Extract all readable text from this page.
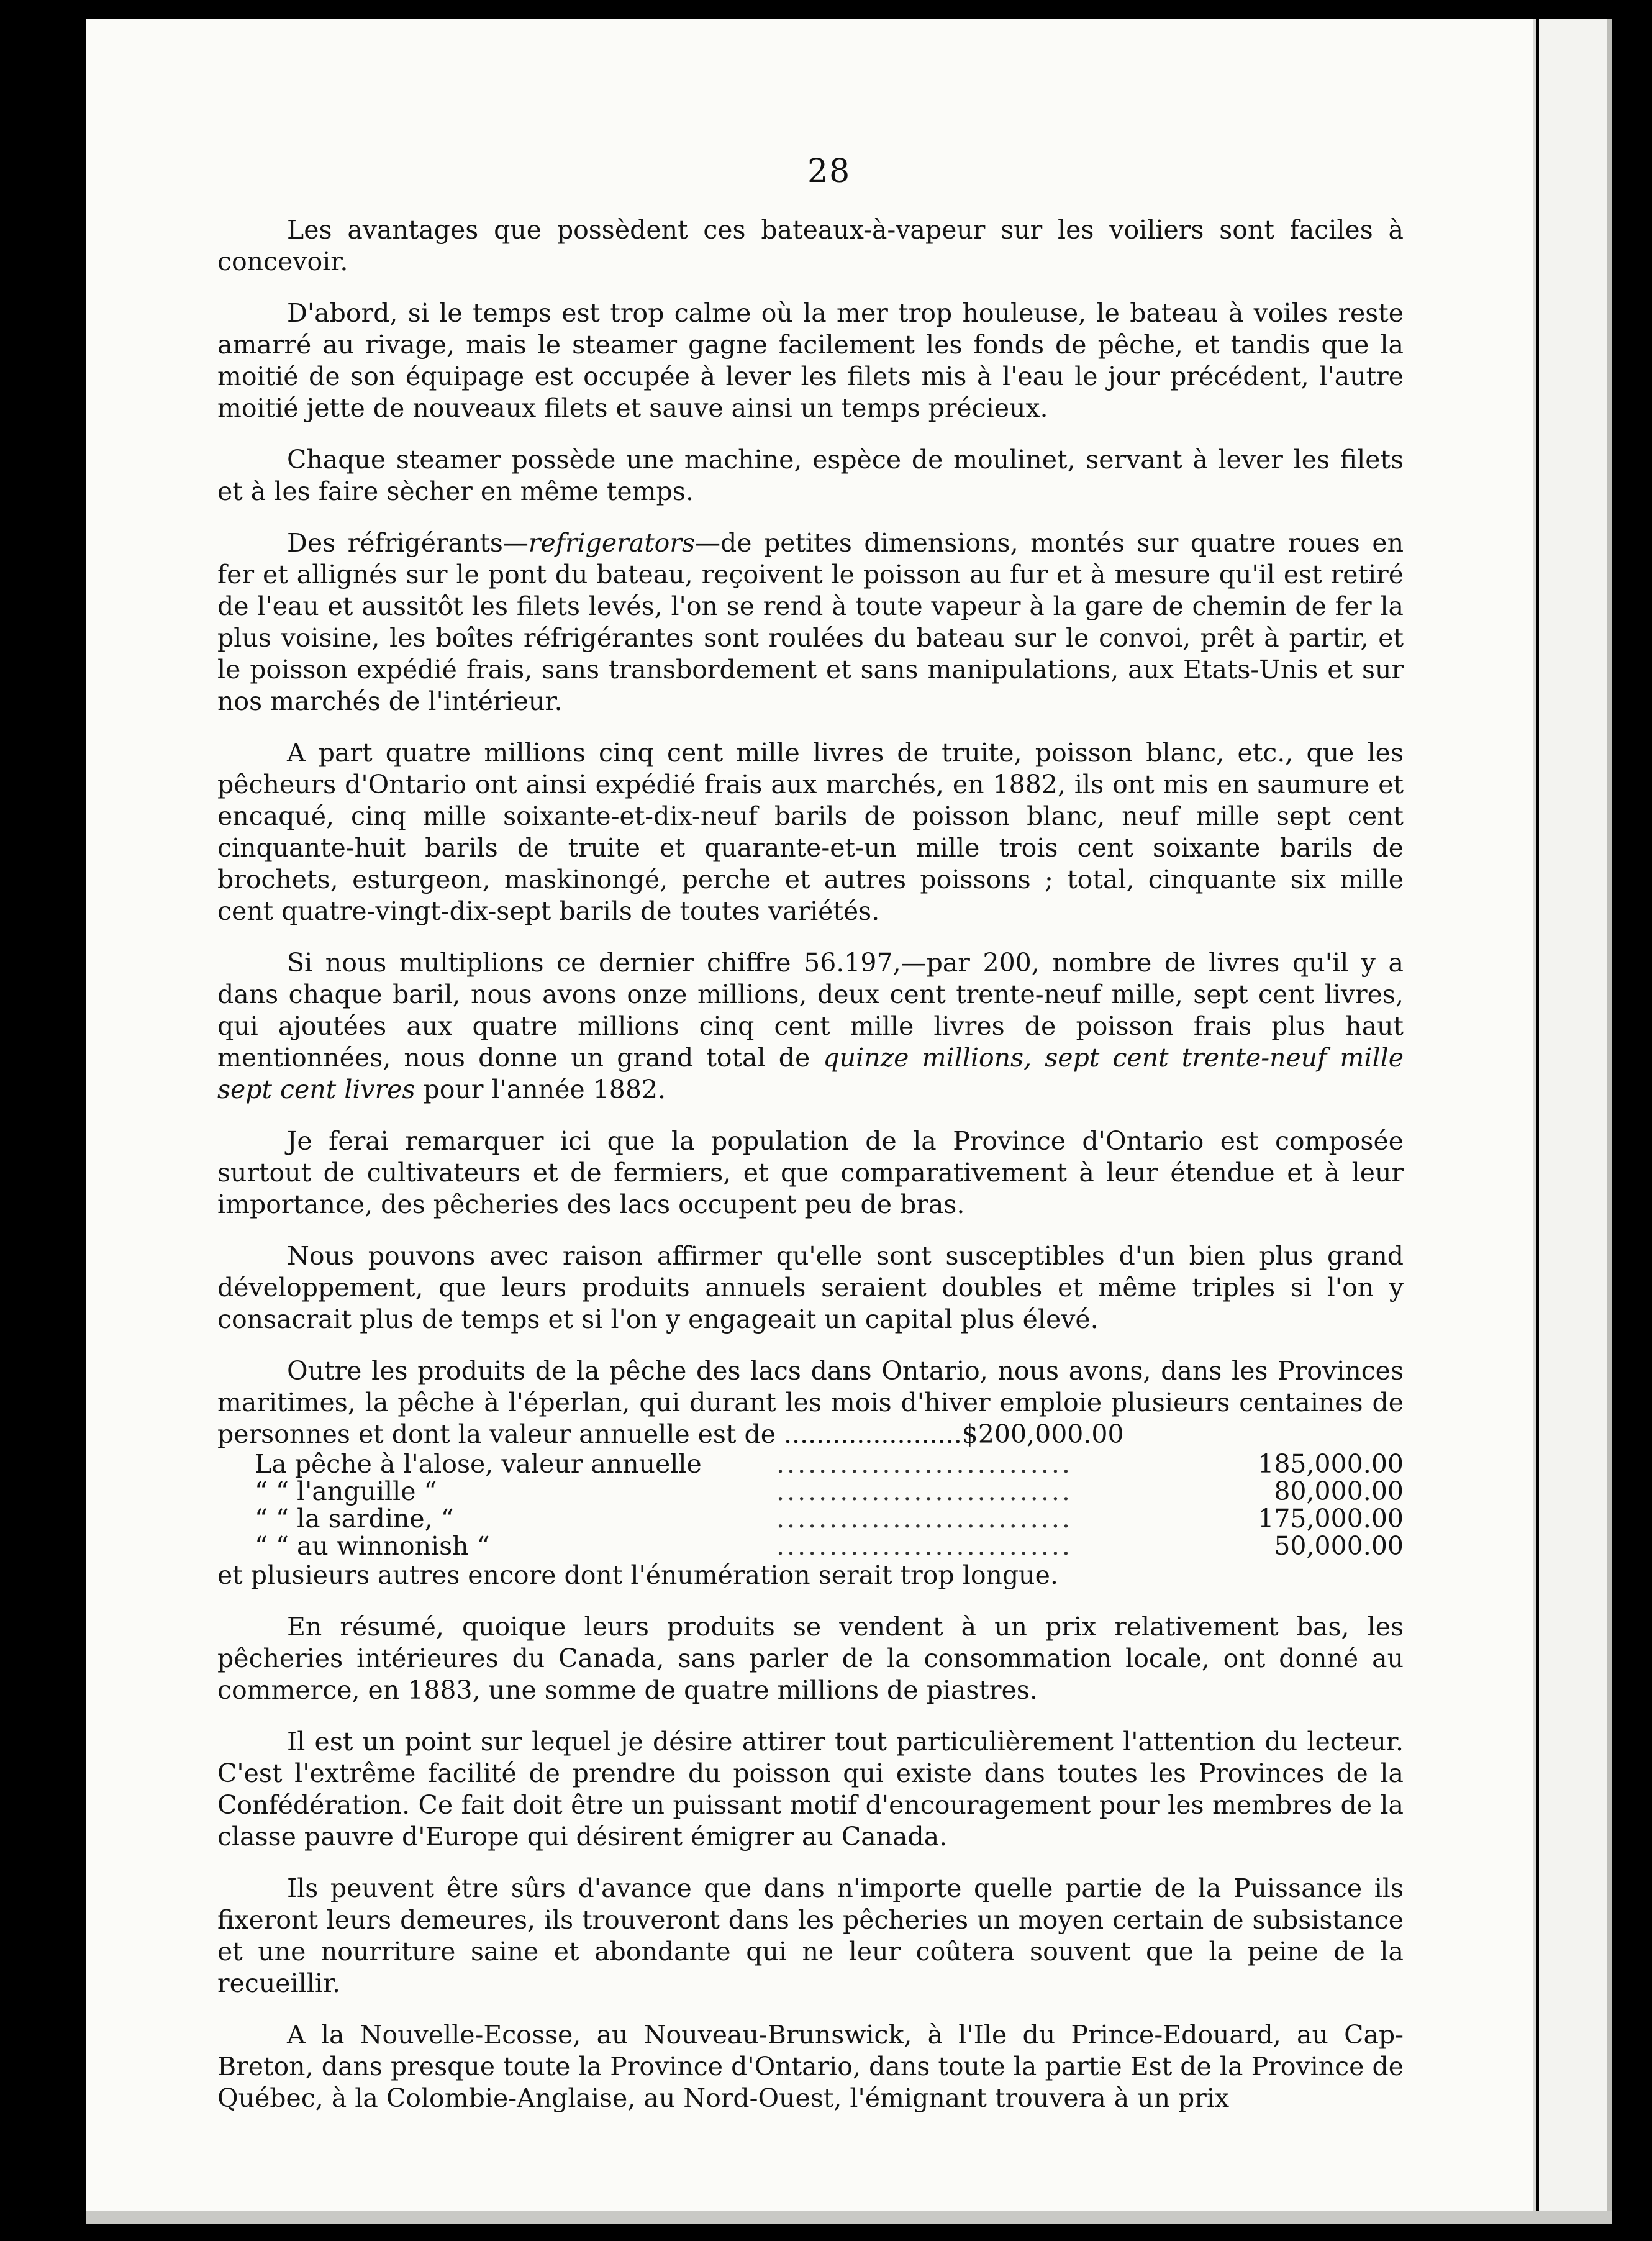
28

Les avantages que possèdent ces bateaux-à-vapeur sur les voiliers sont faciles à concevoir.

D'abord, si le temps est trop calme où la mer trop houleuse, le bateau à voiles reste amarré au rivage, mais le steamer gagne facilement les fonds de pêche, et tandis que la moitié de son équipage est occupée à lever les filets mis à l'eau le jour précédent, l'autre moitié jette de nouveaux filets et sauve ainsi un temps précieux.

Chaque steamer possède une machine, espèce de moulinet, servant à lever les filets et à les faire sècher en même temps.

Des réfrigérants—refrigerators—de petites dimensions, montés sur quatre roues en fer et allignés sur le pont du bateau, reçoivent le poisson au fur et à mesure qu'il est retiré de l'eau et aussitôt les filets levés, l'on se rend à toute vapeur à la gare de chemin de fer la plus voisine, les boîtes réfrigérantes sont roulées du bateau sur le convoi, prêt à partir, et le poisson expédié frais, sans transbordement et sans manipulations, aux Etats-Unis et sur nos marchés de l'intérieur.

A part quatre millions cinq cent mille livres de truite, poisson blanc, etc., que les pêcheurs d'Ontario ont ainsi expédié frais aux marchés, en 1882, ils ont mis en saumure et encaqué, cinq mille soixante-et-dix-neuf barils de poisson blanc, neuf mille sept cent cinquante-huit barils de truite et quarante-et-un mille trois cent soixante barils de brochets, esturgeon, maskinongé, perche et autres poissons ; total, cinquante six mille cent quatre-vingt-dix-sept barils de toutes variétés.

Si nous multiplions ce dernier chiffre 56.197,—par 200, nombre de livres qu'il y a dans chaque baril, nous avons onze millions, deux cent trente-neuf mille, sept cent livres, qui ajoutées aux quatre millions cinq cent mille livres de poisson frais plus haut mentionnées, nous donne un grand total de quinze millions, sept cent trente-neuf mille sept cent livres pour l'année 1882.

Je ferai remarquer ici que la population de la Province d'Ontario est composée surtout de cultivateurs et de fermiers, et que comparativement à leur étendue et à leur importance, des pêcheries des lacs occupent peu de bras.

Nous pouvons avec raison affirmer qu'elle sont susceptibles d'un bien plus grand développement, que leurs produits annuels seraient doubles et même triples si l'on y consacrait plus de temps et si l'on y engageait un capital plus élevé.

Outre les produits de la pêche des lacs dans Ontario, nous avons, dans les Provinces maritimes, la pêche à l'éperlan, qui durant les mois d'hiver emploie plusieurs centaines de personnes et dont la valeur annuelle est de ......................$200,000.00

La pêche à l'alose, valeur annuelle	............................	185,000.00
“ “ l'anguille “	............................	80,000.00
“ “ la sardine, “	............................	175,000.00
“ “ au winnonish “	............................	50,000.00

et plusieurs autres encore dont l'énumération serait trop longue.

En résumé, quoique leurs produits se vendent à un prix relativement bas, les pêcheries intérieures du Canada, sans parler de la consommation locale, ont donné au commerce, en 1883, une somme de quatre millions de piastres.

Il est un point sur lequel je désire attirer tout particulièrement l'attention du lecteur. C'est l'extrême facilité de prendre du poisson qui existe dans toutes les Provinces de la Confédération. Ce fait doit être un puissant motif d'encouragement pour les membres de la classe pauvre d'Europe qui désirent émigrer au Canada.

Ils peuvent être sûrs d'avance que dans n'importe quelle partie de la Puissance ils fixeront leurs demeures, ils trouveront dans les pêcheries un moyen certain de subsistance et une nourriture saine et abondante qui ne leur coûtera souvent que la peine de la recueillir.

A la Nouvelle-Ecosse, au Nouveau-Brunswick, à l'Ile du Prince-Edouard, au Cap-Breton, dans presque toute la Province d'Ontario, dans toute la partie Est de la Province de Québec, à la Colombie-Anglaise, au Nord-Ouest, l'émignant trouvera à un prix
